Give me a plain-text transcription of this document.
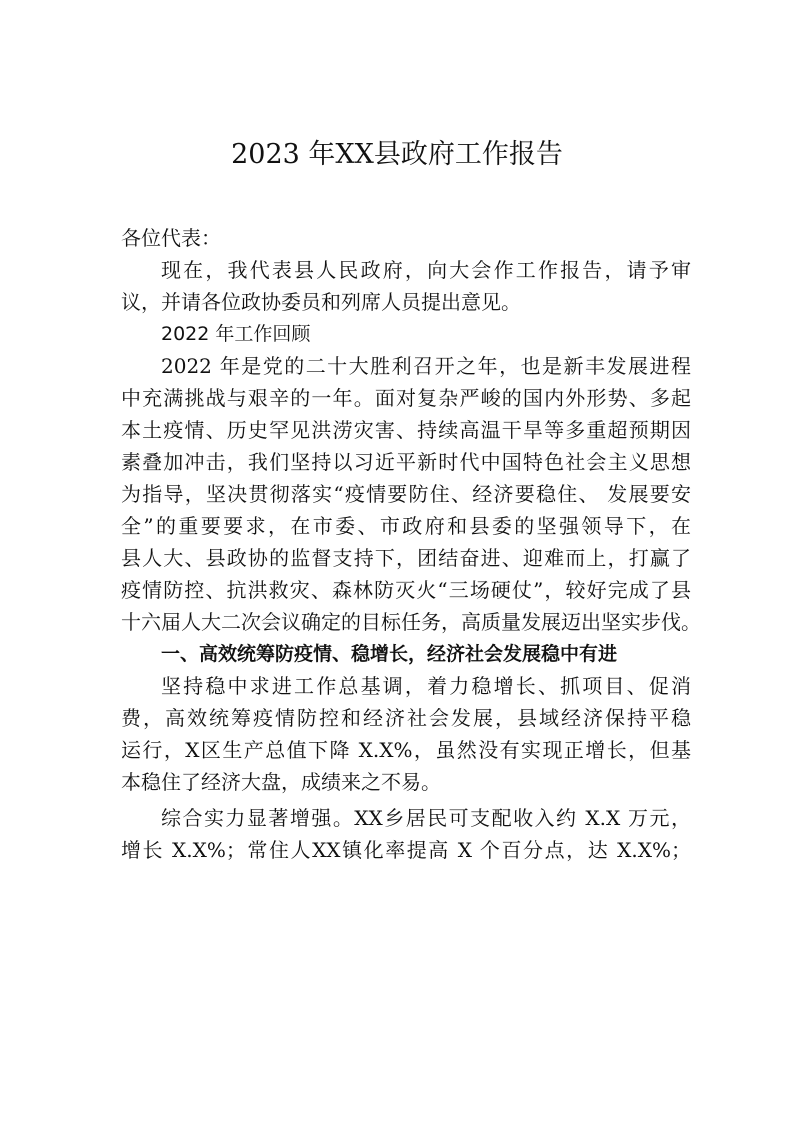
2023 年XX县政府工作报告
各位代表：
现在，我代表县人民政府，向大会作工作报告，请予审
议，并请各位政协委员和列席人员提出意见。
2022 年工作回顾
2022 年是党的二十大胜利召开之年，也是新丰发展进程
中充满挑战与艰辛的一年。面对复杂严峻的国内外形势、多起
本土疫情、历史罕见洪涝灾害、持续高温干旱等多重超预期因
素叠加冲击，我们坚持以习近平新时代中国特色社会主义思想
为指导，坚决贯彻落实“疫情要防住、经济要稳住、 发展要安
全”的重要要求，在市委、市政府和县委的坚强领导下，在
县人大、县政协的监督支持下，团结奋进、迎难而上，打赢了
疫情防控、抗洪救灾、森林防灭火“三场硬仗”，较好完成了县
十六届人大二次会议确定的目标任务，高质量发展迈出坚实步伐。
一、高效统筹防疫情、稳增长，经济社会发展稳中有进
坚持稳中求进工作总基调，着力稳增长、抓项目、促消
费，高效统筹疫情防控和经济社会发展，县域经济保持平稳
运行，X区生产总值下降 X.X%，虽然没有实现正增长，但基
本稳住了经济大盘，成绩来之不易。
综合实力显著增强。XX乡居民可支配收入约 X.X 万元，
增长 X.X%；常住人XX镇化率提高 X 个百分点，达 X.X%；
